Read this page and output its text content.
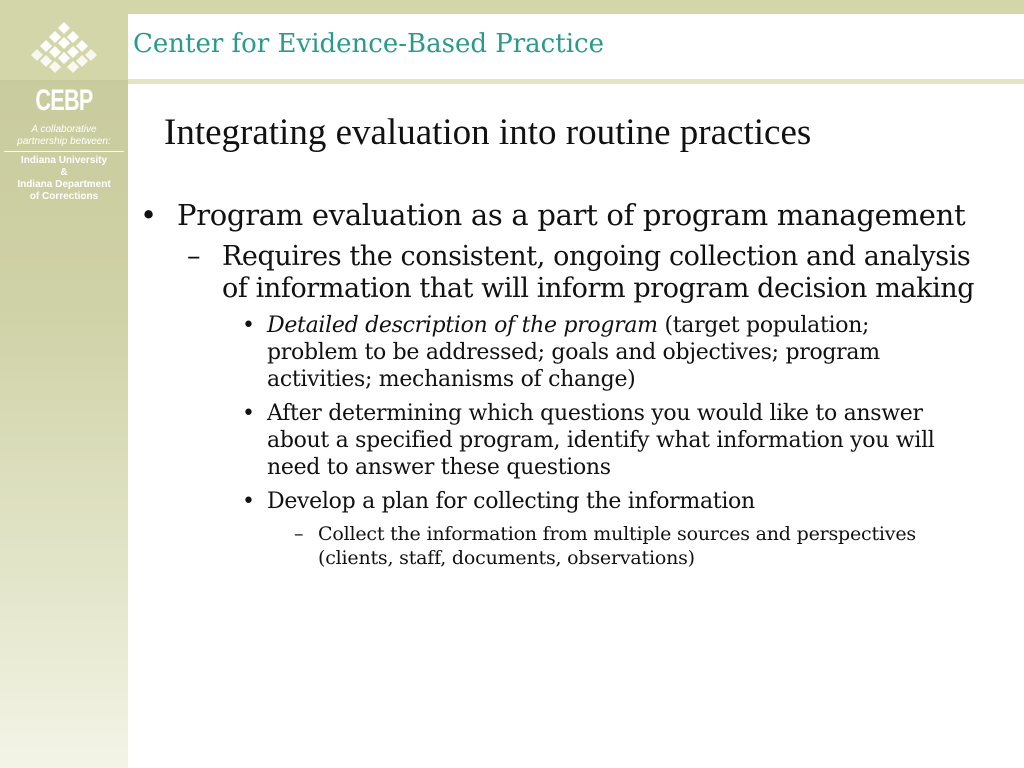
CEBP
A collaborative
partnership between:
Indiana University
&
Indiana Department
of Corrections
Center for Evidence-Based Practice
Integrating evaluation into routine practices
• Program evaluation as a part of program management
– Requires the consistent, ongoing collection and analysis of information that will inform program decision making
• Detailed description of the program (target population; problem to be addressed; goals and objectives; program activities; mechanisms of change)
• After determining which questions you would like to answer about a specified program, identify what information you will need to answer these questions
• Develop a plan for collecting the information
– Collect the information from multiple sources and perspectives (clients, staff, documents, observations)
